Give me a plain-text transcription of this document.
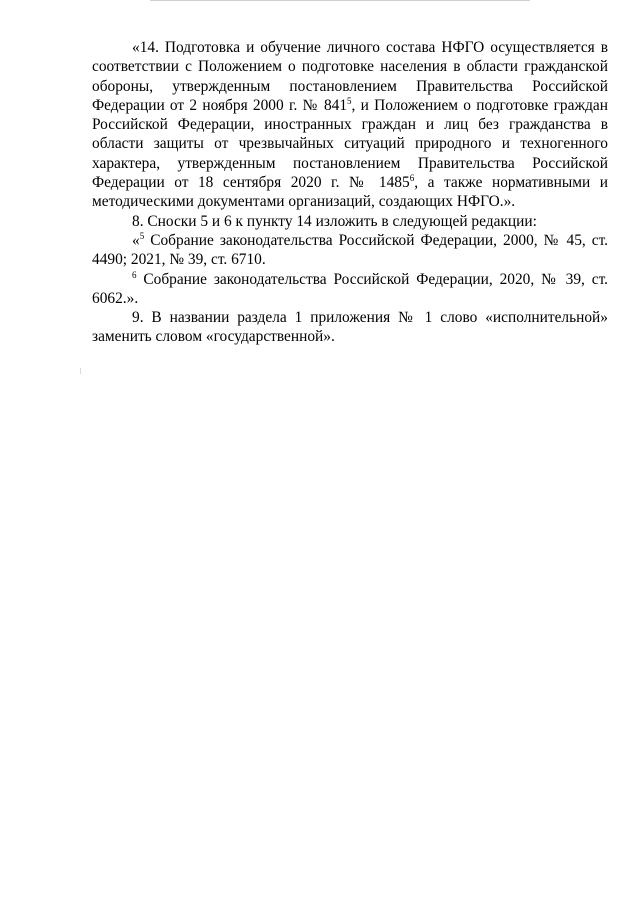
«14. Подготовка и обучение личного состава НФГО осуществляется в соответствии с Положением о подготовке населения в области гражданской обороны, утвержденным постановлением Правительства Российской Федерации от 2 ноября 2000 г. № $841^5$, и Положением о подготовке граждан Российской Федерации, иностранных граждан и лиц без гражданства в области защиты от чрезвычайных ситуаций природного и техногенного характера, утвержденным постановлением Правительства Российской Федерации от 18 сентября 2020 г. № 1485$^6$, а также нормативными и методическими документами организаций, создающих НФГО.».

8. Сноски 5 и 6 к пункту 14 изложить в следующей редакции:

«$^5$ Собрание законодательства Российской Федерации, 2000, № 45, ст. 4490; 2021, № 39, ст. 6710.

$^6$ Собрание законодательства Российской Федерации, 2020, № 39, ст. 6062.».

9. В названии раздела 1 приложения № 1 слово «исполнительной» заменить словом «государственной».
